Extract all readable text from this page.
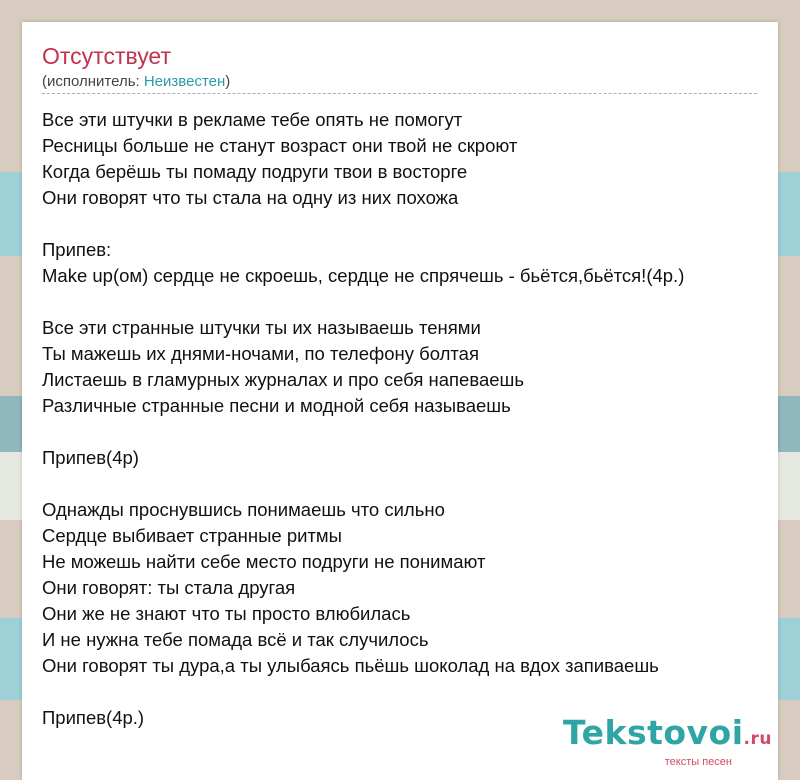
Отсутствует
(исполнитель: Неизвестен)
Все эти штучки в рекламе тебе опять не помогут
Ресницы больше не станут возраст они твой не скроют
Когда берёшь ты помаду подруги твои в восторге
Они говорят что ты стала на одну из них похожа
Припев:
Make up(ом) сердце не скроешь, сердце не спрячешь - бьётся,бьётся!(4р.)
Все эти странные штучки ты их называешь тенями
Ты мажешь их днями-ночами, по телефону болтая
Листаешь в гламурных журналах и про себя напеваешь
Различные странные песни и модной себя называешь
Припев(4р)
Однажды проснувшись понимаешь что сильно
Сердце выбивает странные ритмы
Не можешь найти себе место подруги не понимают
Они говорят: ты стала другая
Они же не знают что ты просто влюбилась
И не нужна тебе помада всё и так случилось
Они говорят ты дура,а ты улыбаясь пьёшь шоколад на вдох запиваешь
Припев(4р.)	Tekstovoi.ru
тексты песен
